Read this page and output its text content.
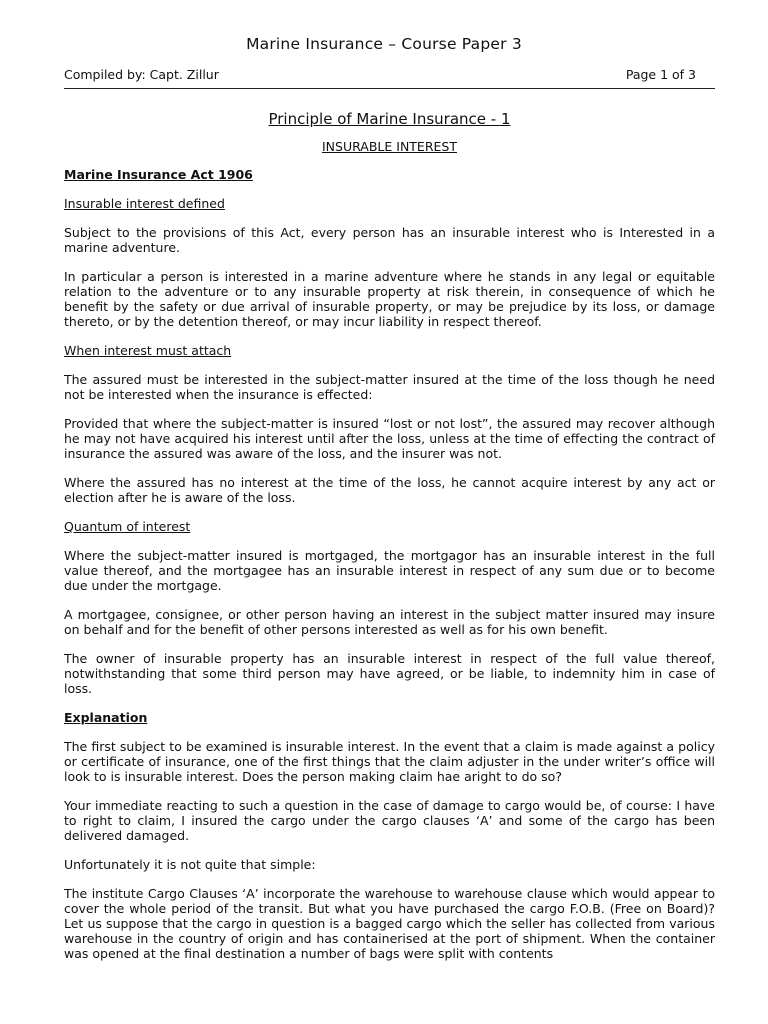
Marine Insurance – Course Paper 3
Compiled by: Capt. Zillur	Page 1 of 3
Principle of Marine Insurance - 1
INSURABLE INTEREST
Marine Insurance Act 1906
Insurable interest defined

Subject to the provisions of this Act, every person has an insurable interest who is Interested in a marine adventure.

In particular a person is interested in a marine adventure where he stands in any legal or equitable relation to the adventure or to any insurable property at risk therein, in consequence of which he benefit by the safety or due arrival of insurable property, or may be prejudice by its loss, or damage thereto, or by the detention thereof, or may incur liability in respect thereof.

When interest must attach

The assured must be interested in the subject-matter insured at the time of the loss though he need not be interested when the insurance is effected:

Provided that where the subject-matter is insured “lost or not lost”, the assured may recover although he may not have acquired his interest until after the loss, unless at the time of effecting the contract of insurance the assured was aware of the loss, and the insurer was not.

Where the assured has no interest at the time of the loss, he cannot acquire interest by any act or election after he is aware of the loss.

Quantum of interest

Where the subject-matter insured is mortgaged, the mortgagor has an insurable interest in the full value thereof, and the mortgagee has an insurable interest in respect of any sum due or to become due under the mortgage.

A mortgagee, consignee, or other person having an interest in the subject matter insured may insure on behalf and for the benefit of other persons interested as well as for his own benefit.

The owner of insurable property has an insurable interest in respect of the full value thereof, notwithstanding that some third person may have agreed, or be liable, to indemnity him in case of loss.

Explanation

The first subject to be examined is insurable interest. In the event that a claim is made against a policy or certificate of insurance, one of the first things that the claim adjuster in the under writer’s office will look to is insurable interest. Does the person making claim hae aright to do so?

Your immediate reacting to such a question in the case of damage to cargo would be, of course: I have to right to claim, I insured the cargo under the cargo clauses ‘A’ and some of the cargo has been delivered damaged.

Unfortunately it is not quite that simple:

The institute Cargo Clauses ‘A’ incorporate the warehouse to warehouse clause which would appear to cover the whole period of the transit. But what you have purchased the cargo F.O.B. (Free on Board)? Let us suppose that the cargo in question is a bagged cargo which the seller has collected from various warehouse in the country of origin and has containerised at the port of shipment. When the container was opened at the final destination a number of bags were split with contents
